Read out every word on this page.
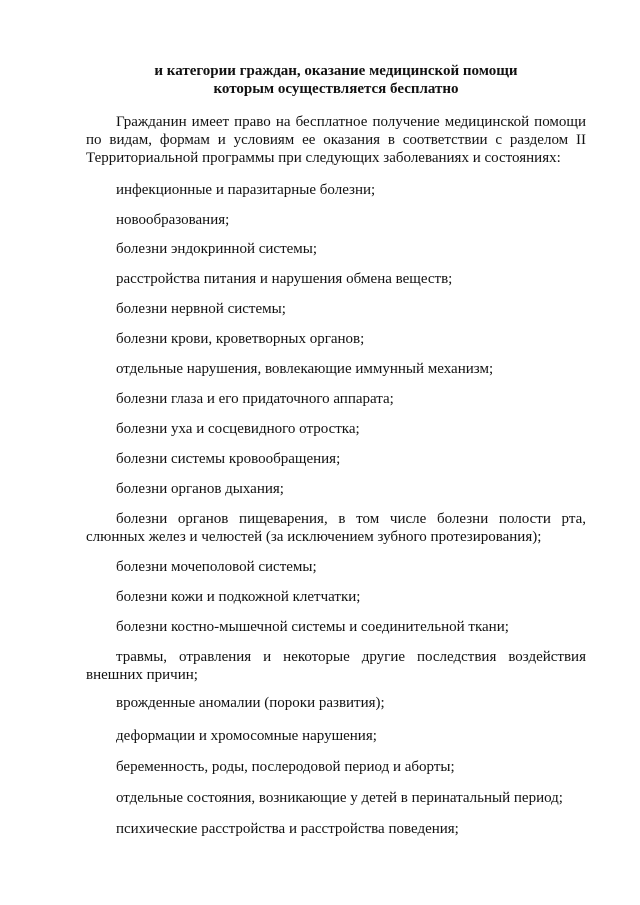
и категории граждан, оказание медицинской помощи
которым осуществляется бесплатно
Гражданин имеет право на бесплатное получение медицинской помощи
по видам, формам и условиям ее оказания в соответствии с разделом II
Территориальной программы при следующих заболеваниях и состояниях:
инфекционные и паразитарные болезни;
новообразования;
болезни эндокринной системы;
расстройства питания и нарушения обмена веществ;
болезни нервной системы;
болезни крови, кроветворных органов;
отдельные нарушения, вовлекающие иммунный механизм;
болезни глаза и его придаточного аппарата;
болезни уха и сосцевидного отростка;
болезни системы кровообращения;
болезни органов дыхания;
болезни органов пищеварения, в том числе болезни полости рта,
слюнных желез и челюстей (за исключением зубного протезирования);
болезни мочеполовой системы;
болезни кожи и подкожной клетчатки;
болезни костно-мышечной системы и соединительной ткани;
травмы, отравления и некоторые другие последствия воздействия
внешних причин;
врожденные аномалии (пороки развития);
деформации и хромосомные нарушения;
беременность, роды, послеродовой период и аборты;
отдельные состояния, возникающие у детей в перинатальный период;
психические расстройства и расстройства поведения;
